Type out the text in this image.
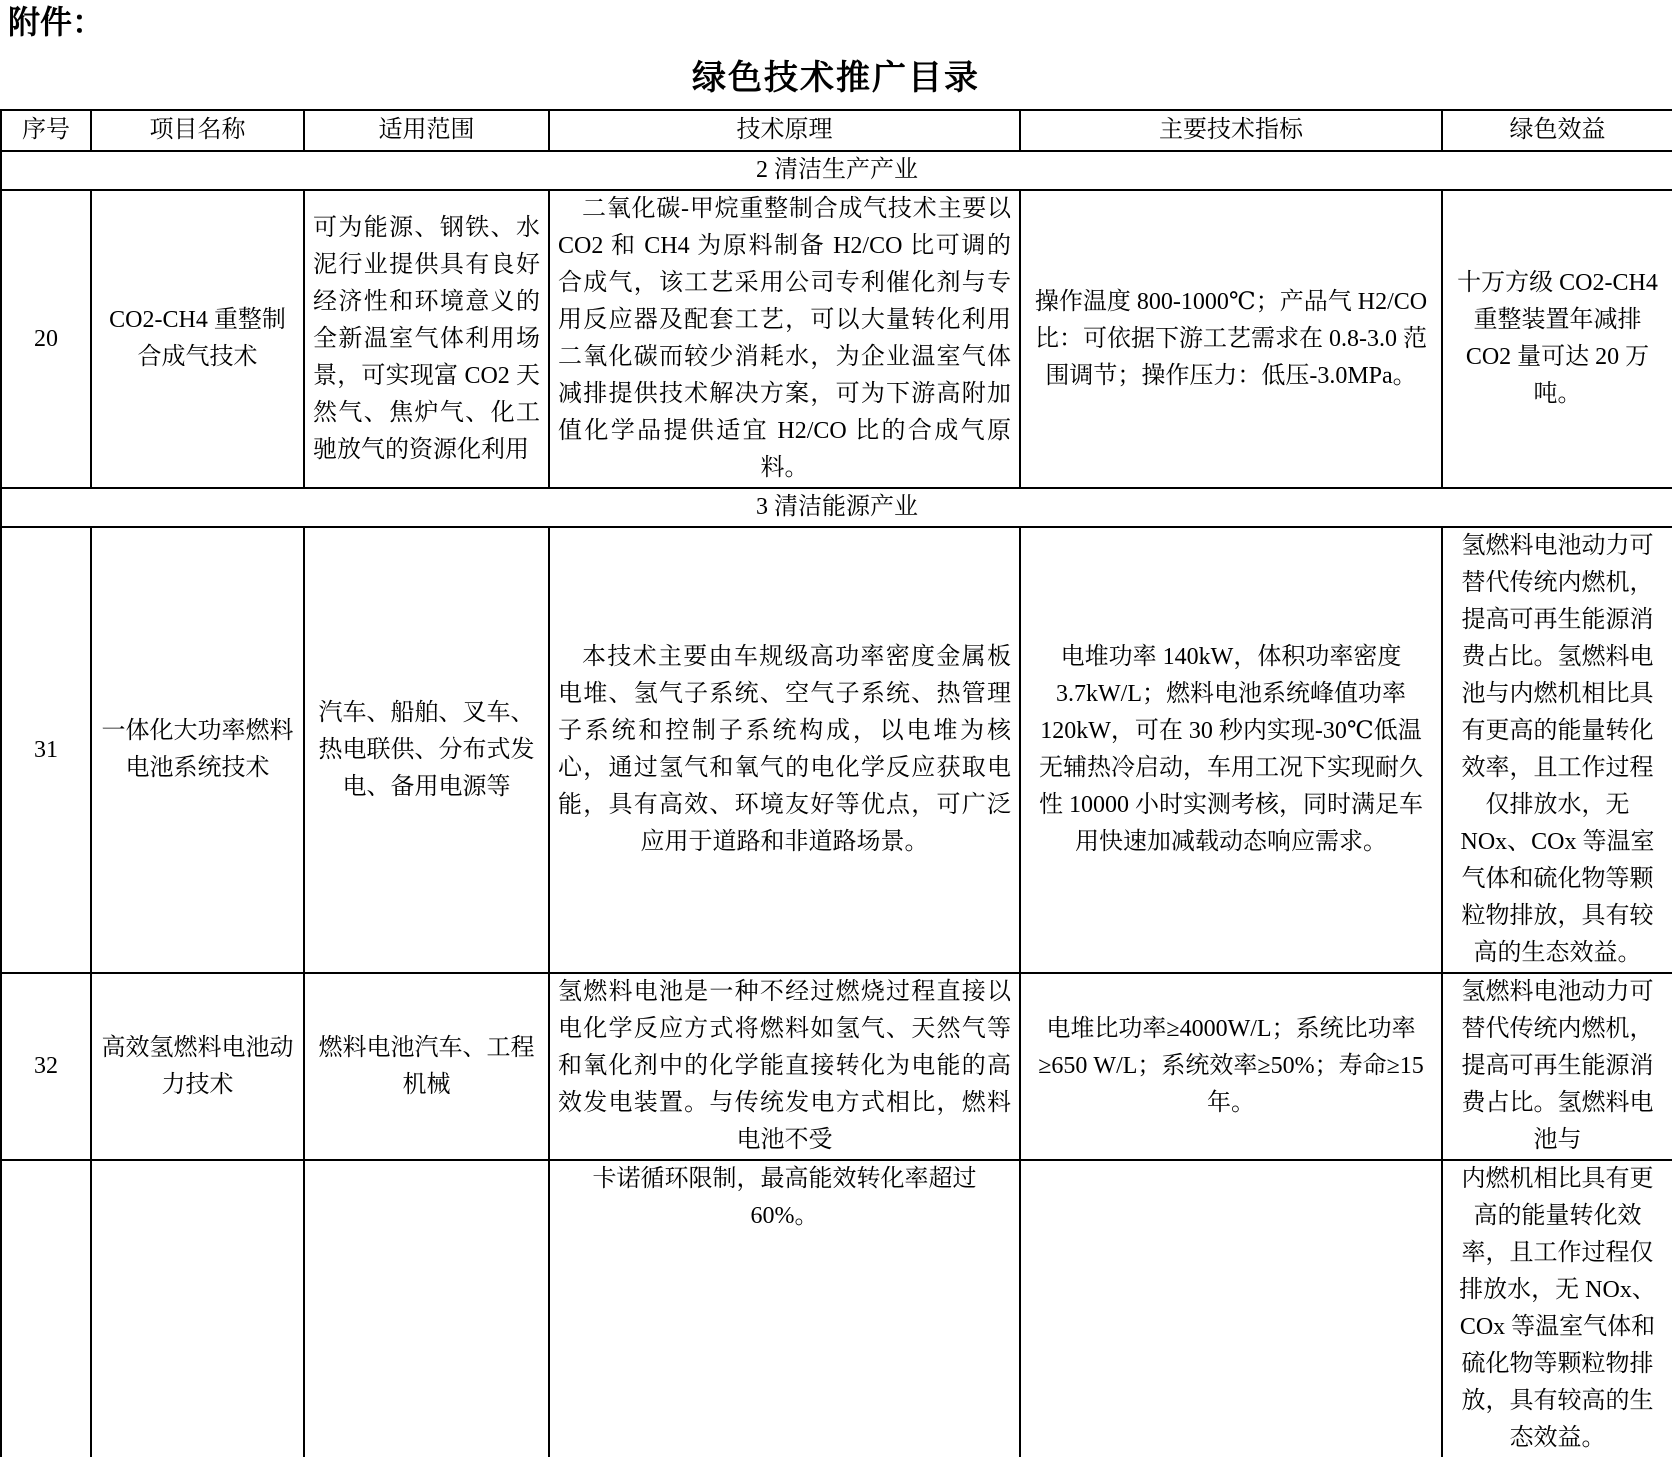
附件：
绿色技术推广目录
序号	项目名称	适用范围	技术原理	主要技术指标	绿色效益
2 清洁生产产业					
20	CO2-CH4 重整制合成气技术	可为能源、钢铁、水泥行业提供具有良好经济性和环境意义的全新温室气体利用场景，可实现富 CO2 天然气、焦炉气、化工驰放气的资源化利用	二氧化碳-甲烷重整制合成气技术主要以 CO2 和 CH4 为原料制备 H2/CO 比可调的合成气，该工艺采用公司专利催化剂与专用反应器及配套工艺，可以大量转化利用二氧化碳而较少消耗水，为企业温室气体减排提供技术解决方案，可为下游高附加值化学品提供适宜 H2/CO 比的合成气原料。	操作温度 800-1000℃；产品气 H2/CO 比：可依据下游工艺需求在 0.8-3.0 范围调节；操作压力：低压-3.0MPa。	十万方级 CO2-CH4 重整装置年减排 CO2 量可达 20 万吨。
3 清洁能源产业					
31	一体化大功率燃料电池系统技术	汽车、船舶、叉车、热电联供、分布式发电、备用电源等	本技术主要由车规级高功率密度金属板电堆、氢气子系统、空气子系统、热管理子系统和控制子系统构成，以电堆为核心，通过氢气和氧气的电化学反应获取电能，具有高效、环境友好等优点，可广泛应用于道路和非道路场景。	电堆功率 140kW，体积功率密度 3.7kW/L；燃料电池系统峰值功率 120kW，可在 30 秒内实现-30℃低温无辅热冷启动，车用工况下实现耐久性 10000 小时实测考核，同时满足车用快速加减载动态响应需求。	氢燃料电池动力可替代传统内燃机，提高可再生能源消费占比。氢燃料电池与内燃机相比具有更高的能量转化效率，且工作过程仅排放水，无 NOx、COx 等温室气体和硫化物等颗粒物排放，具有较高的生态效益。
32	高效氢燃料电池动力技术	燃料电池汽车、工程机械	氢燃料电池是一种不经过燃烧过程直接以电化学反应方式将燃料如氢气、天然气等和氧化剂中的化学能直接转化为电能的高效发电装置。与传统发电方式相比，燃料电池不受	电堆比功率≥4000W/L；系统比功率≥650 W/L；系统效率≥50%；寿命≥15 年。	氢燃料电池动力可替代传统内燃机，提高可再生能源消费占比。氢燃料电池与
			卡诺循环限制，最高能效转化率超过 60%。		内燃机相比具有更高的能量转化效率，且工作过程仅排放水，无 NOx、COx 等温室气体和硫化物等颗粒物排放，具有较高的生态效益。
